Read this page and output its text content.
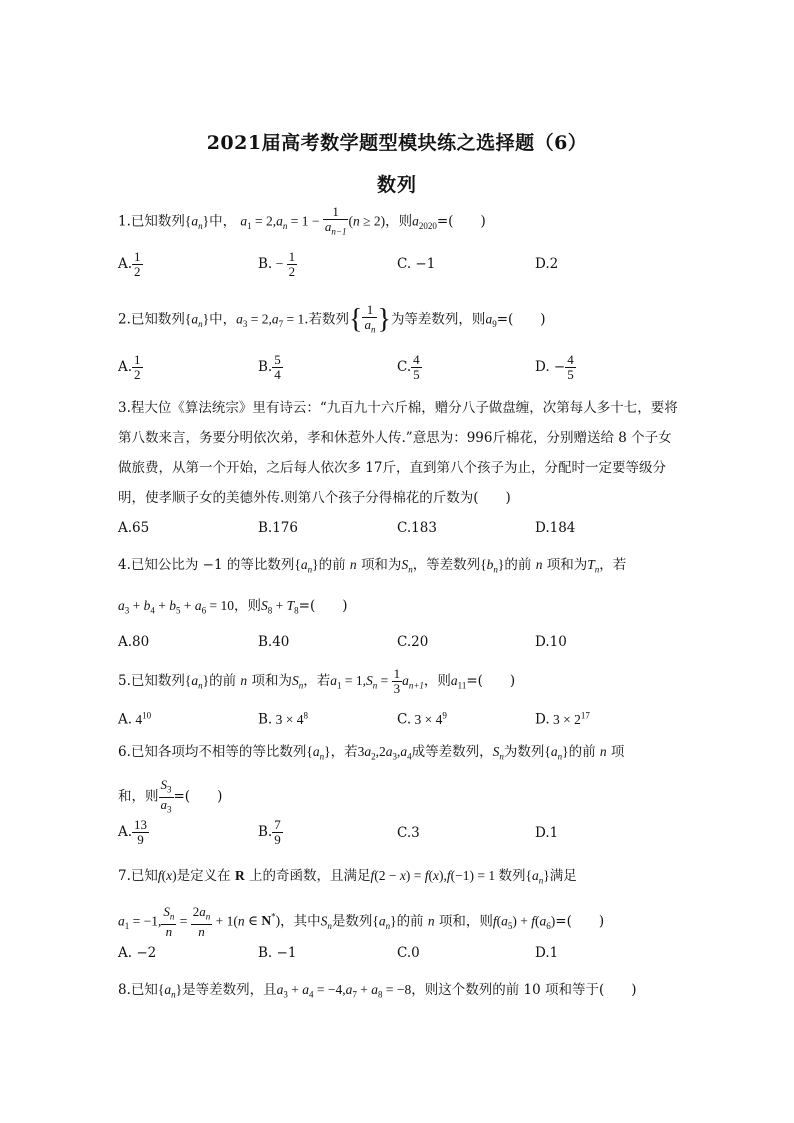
2021届高考数学题型模块练之选择题（6）
数列
1.已知数列$\{a_n\}$中， $a_1 = 2,a_n = 1 - \frac{1}{a_{n-1}} (n \ge 2)$，则$a_{2020}=$(　　)
A. $\frac{1}{2}$	B. − $\frac{1}{2}$	C. −1	D.2
2.已知数列$\{a_n\}$中，$a_3 = 2,a_7 = 1$.若数列{ $\frac{1}{a_n}$ }为等差数列，则$a_9=$(　　)
A. $\frac{1}{2}$	B. $\frac{5}{4}$	C. $\frac{4}{5}$	D. − $\frac{4}{5}$
3.程大位《算法统宗》里有诗云：“九百九十六斤棉，赠分八子做盘缠，次第每人多十七，要将第八数来言，务要分明依次弟，孝和休惹外人传.”意思为：996斤棉花，分别赠送给 8 个子女做旅费，从第一个开始，之后每人依次多 17斤，直到第八个孩子为止，分配时一定要等级分明，使孝顺子女的美德外传.则第八个孩子分得棉花的斤数为(　　)
A.65	B.176	C.183	D.184
4.已知公比为 −1 的等比数列$\{a_n\}$的前 n 项和为$S_n$，等差数列$\{b_n\}$的前 n 项和为$T_n$，若
$a_3 + b_4 + b_5 + a_6 = 10$，则$S_8 + T_8=$(　　)
A.80	B.40	C.20	D.10
5.已知数列$\{a_n\}$的前 n 项和为$S_n$，若$a_1 = 1,S_n = \frac{1}{3} a_{n+1}$，则$a_{11}=$(　　)
A. $4^{10}$	B. $3 \times 4^8$	C. $3 \times 4^9$	D. $3 \times 2^{17}$
6.已知各项均不相等的等比数列$\{a_n\}$，若$3a_2,2a_3,a_4$成等差数列，$S_n$为数列$\{a_n\}$的前 n 项
和，则 $\frac{S_3}{a_3}$ =(　　)
A. $\frac{13}{9}$	B. $\frac{7}{9}$	C.3	D.1
7.已知f(x)是定义在 R 上的奇函数，且满足f(2 − x) = f(x),f(−1) = 1 数列$\{a_n\}$满足
$a_1 = -1$, $\frac{S_n}{n} = \frac{2a_n}{n} + 1(n$ ∈ N*)，其中$S_n$是数列$\{a_n\}$的前 n 项和，则$f(a_5) + f(a_6)=$(　　)
A. −2	B. −1	C.0	D.1
8.已知$\{a_n\}$是等差数列，且$a_3 + a_4 = -4,a_7 + a_8 = -8$，则这个数列的前 10 项和等于(　　)
